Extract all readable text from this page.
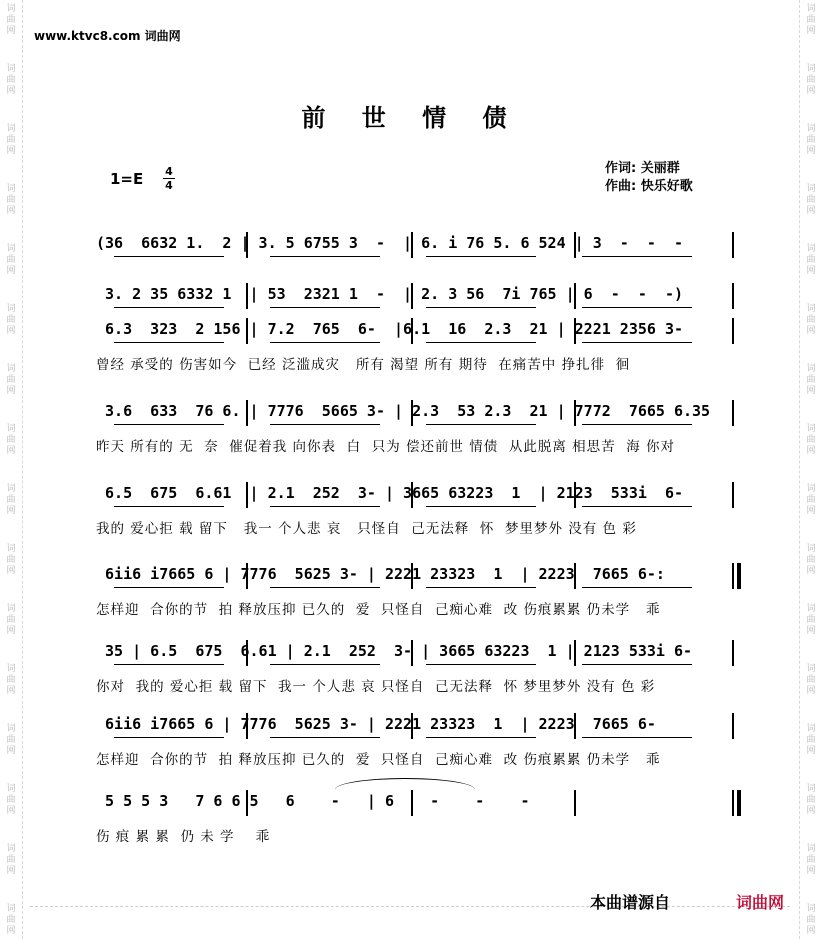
www.ktvc8.com 词曲网
前 世 情 债
1=E 4
4
作词: 关丽群
作曲: 快乐好歌
(36  6632 1.  2 | 3. 5 6755 3  -  | 6. i 76 5. 6 524 | 3  -  -  -
3. 2 35 6332 1  | 53  2321 1  -  | 2. 3 56  7i 765 | 6  -  -  -)
6.3  323  2 156 | 7.2  765  6-  |6.1  16  2.3  21 | 2221 2356 3-
曾经 承受的 伤害如今  已经 泛滥成灾   所有 渴望 所有 期待  在痛苦中 挣扎徘  徊
3.6  633  76 6. | 7776  5665 3- | 2.3  53 2.3  21 | 7772  7665 6.35
昨天 所有的 无  奈  催促着我 向你表  白  只为 偿还前世 情债  从此脱离 相思苦  海 你对
6.5  675  6.61  | 2.1  252  3- | 3665 63223  1  | 2123  533i  6-
我的 爱心拒 载 留下   我一 个人悲 哀   只怪自  己无法释  怀  梦里梦外 没有 色 彩
6ii6 i7665 6 | 7776  5625 3- | 2221 23323  1  | 2223  7665 6-:
怎样迎  合你的节  拍 释放压抑 已久的  爱  只怪自  己痴心难  改 伤痕累累 仍未学   乖
35 | 6.5  675  6.61 | 2.1  252  3- | 3665 63223  1 | 2123 533i 6-
你对  我的 爱心拒 载 留下  我一 个人悲 哀 只怪自  己无法释  怀 梦里梦外 没有 色 彩
6ii6 i7665 6 | 7776  5625 3- | 2221 23323  1  | 2223  7665 6-
怎样迎  合你的节  拍 释放压抑 已久的  爱  只怪自  己痴心难  改 伤痕累累 仍未学   乖
5 5 5 3   7 6 6 5   6    -   | 6    -    -    -
伤 痕 累 累  仍 未 学    乖
本曲谱源自	词曲网
词
曲
网
词
曲
网
词
曲
网
词
曲
网
词
曲
网
词
曲
网
词
曲
网
词
曲
网
词
曲
网
词
曲
网
词
曲
网
词
曲
网
词
曲
网
词
曲
网
词
曲
网
词
曲
网
词
曲
网
词
曲
网
词
曲
网
词
曲
网
词
曲
网
词
曲
网
词
曲
网
词
曲
网
词
曲
网
词
曲
网
词
曲
网
词
曲
网
词
曲
网
词
曲
网
词
曲
网
词
曲
网
